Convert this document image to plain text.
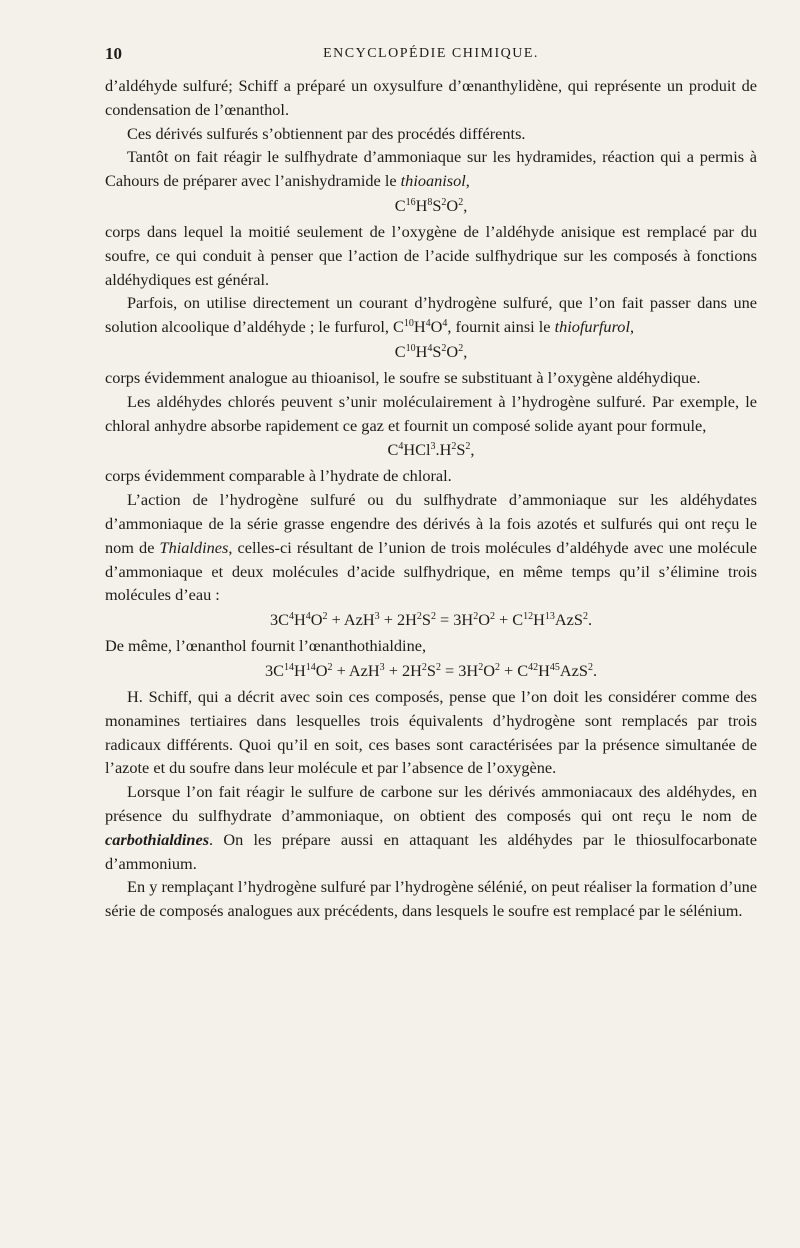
10	ENCYCLOPÉDIE CHIMIQUE.

d’aldéhyde sulfuré; Schiff a préparé un oxysulfure d’œnanthylidène, qui représente un produit de condensation de l’œnanthol.

Ces dérivés sulfurés s’obtiennent par des procédés différents.

Tantôt on fait réagir le sulfhydrate d’ammoniaque sur les hydramides, réaction qui a permis à Cahours de préparer avec l’anishydramide le thioanisol,

$C^{16}H^8S^2O^2$,

corps dans lequel la moitié seulement de l’oxygène de l’aldéhyde anisique est remplacé par du soufre, ce qui conduit à penser que l’action de l’acide sulfhydrique sur les composés à fonctions aldéhydiques est général.

Parfois, on utilise directement un courant d’hydrogène sulfuré, que l’on fait passer dans une solution alcoolique d’aldéhyde ; le furfurol, $C^{10}H^4O^4$, fournit ainsi le thiofurfurol,

$C^{10}H^4S^2O^2$,

corps évidemment analogue au thioanisol, le soufre se substituant à l’oxygène aldéhydique.

Les aldéhydes chlorés peuvent s’unir moléculairement à l’hydrogène sulfuré. Par exemple, le chloral anhydre absorbe rapidement ce gaz et fournit un composé solide ayant pour formule,

$C^4HCl^3.H^2S^2$,

corps évidemment comparable à l’hydrate de chloral.

L’action de l’hydrogène sulfuré ou du sulfhydrate d’ammoniaque sur les aldéhydates d’ammoniaque de la série grasse engendre des dérivés à la fois azotés et sulfurés qui ont reçu le nom de Thialdines, celles-ci résultant de l’union de trois molécules d’aldéhyde avec une molécule d’ammoniaque et deux molécules d’acide sulfhydrique, en même temps qu’il s’élimine trois molécules d’eau :

$3C^4H^4O^2 + AzH^3 + 2H^2S^2 = 3H^2O^2 + C^{12}H^{13}AzS^2$.

De même, l’œnanthol fournit l’œnanthothialdine,

$3C^{14}H^{14}O^2 + AzH^3 + 2H^2S^2 = 3H^2O^2 + C^{42}H^{45}AzS^2$.

H. Schiff, qui a décrit avec soin ces composés, pense que l’on doit les considérer comme des monamines tertiaires dans lesquelles trois équivalents d’hydrogène sont remplacés par trois radicaux différents. Quoi qu’il en soit, ces bases sont caractérisées par la présence simultanée de l’azote et du soufre dans leur molécule et par l’absence de l’oxygène.

Lorsque l’on fait réagir le sulfure de carbone sur les dérivés ammoniacaux des aldéhydes, en présence du sulfhydrate d’ammoniaque, on obtient des composés qui ont reçu le nom de carbothialdines. On les prépare aussi en attaquant les aldéhydes par le thiosulfocarbonate d’ammonium.

En y remplaçant l’hydrogène sulfuré par l’hydrogène sélénié, on peut réaliser la formation d’une série de composés analogues aux précédents, dans lesquels le soufre est remplacé par le sélénium.
